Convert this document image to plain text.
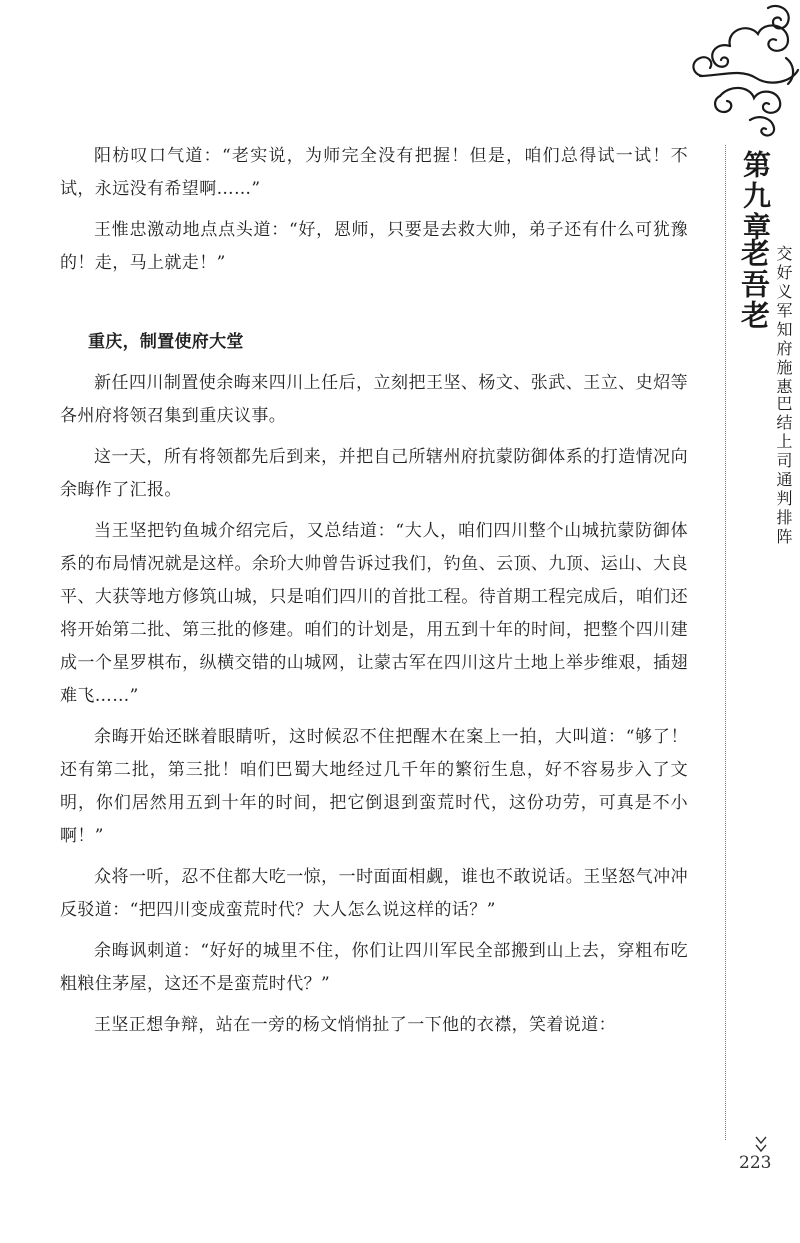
阳枋叹口气道：“老实说，为师完全没有把握！但是，咱们总得试一试！不试，永远没有希望啊……”

王惟忠激动地点点头道：“好，恩师，只要是去救大帅，弟子还有什么可犹豫的！走，马上就走！”

重庆，制置使府大堂

新任四川制置使余晦来四川上任后，立刻把王坚、杨文、张武、王立、史炤等各州府将领召集到重庆议事。

这一天，所有将领都先后到来，并把自己所辖州府抗蒙防御体系的打造情况向余晦作了汇报。

当王坚把钓鱼城介绍完后，又总结道：“大人，咱们四川整个山城抗蒙防御体系的布局情况就是这样。余玠大帅曾告诉过我们，钓鱼、云顶、九顶、运山、大良平、大获等地方修筑山城，只是咱们四川的首批工程。待首期工程完成后，咱们还将开始第二批、第三批的修建。咱们的计划是，用五到十年的时间，把整个四川建成一个星罗棋布，纵横交错的山城网，让蒙古军在四川这片土地上举步维艰，插翅难飞……”

余晦开始还眯着眼睛听，这时候忍不住把醒木在案上一拍，大叫道：“够了！还有第二批，第三批！咱们巴蜀大地经过几千年的繁衍生息，好不容易步入了文明，你们居然用五到十年的时间，把它倒退到蛮荒时代，这份功劳，可真是不小啊！”

众将一听，忍不住都大吃一惊，一时面面相觑，谁也不敢说话。王坚怒气冲冲反驳道：“把四川变成蛮荒时代？大人怎么说这样的话？”

余晦讽刺道：“好好的城里不住，你们让四川军民全部搬到山上去，穿粗布吃粗粮住茅屋，这还不是蛮荒时代？”

王坚正想争辩，站在一旁的杨文悄悄扯了一下他的衣襟，笑着说道：

第九章
老吾老 交好义军知府施惠
巴结上司通判排阵
223
